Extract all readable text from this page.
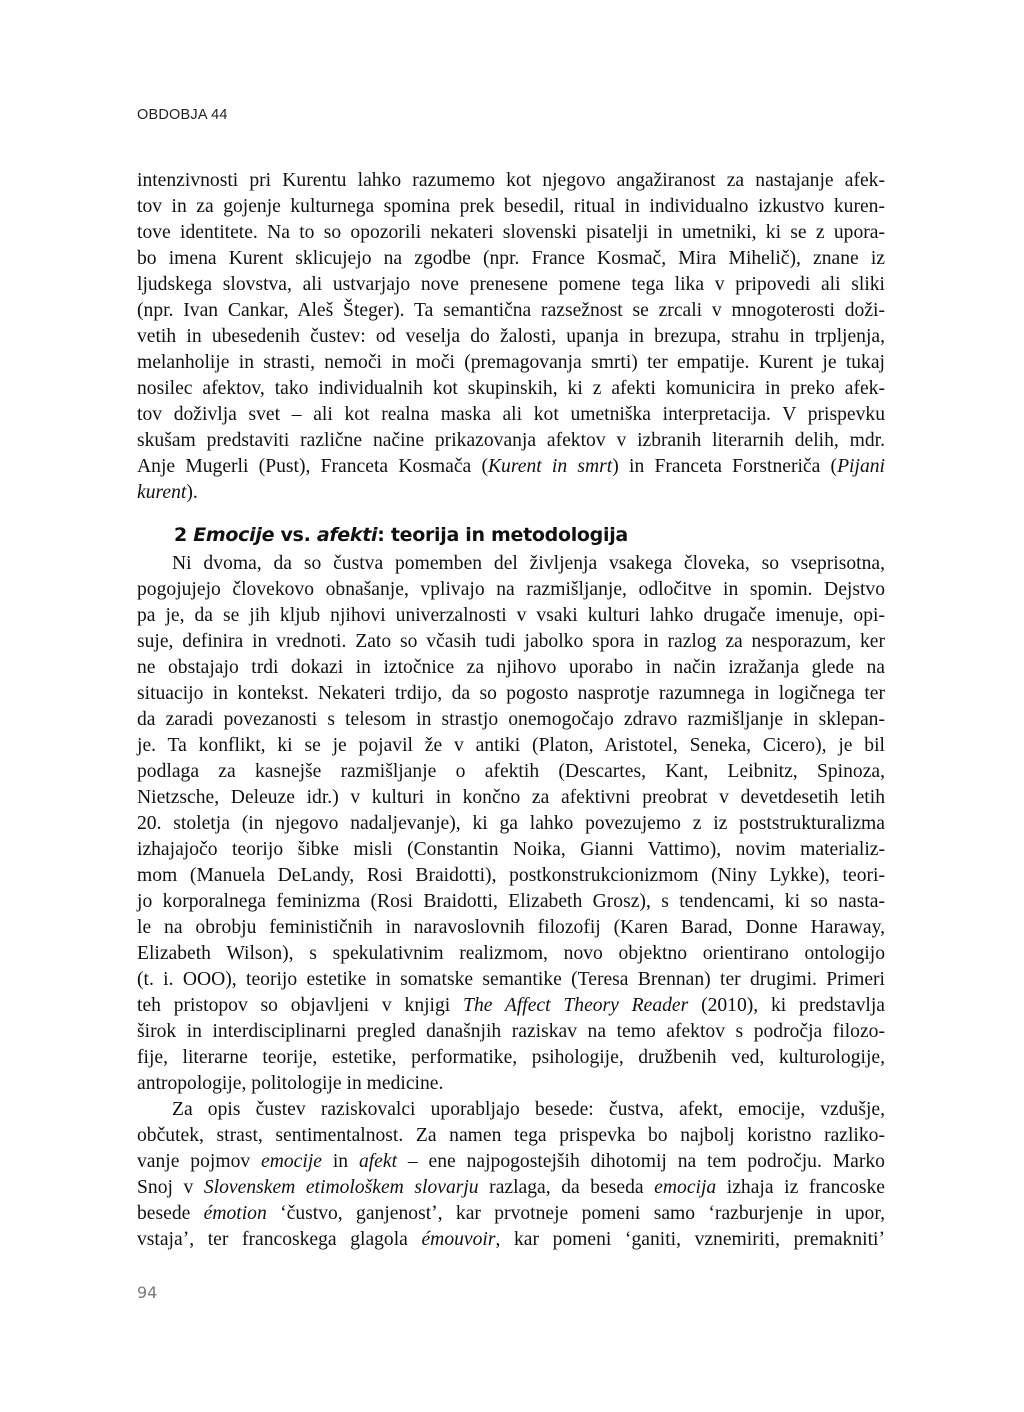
OBDOBJA 44
intenzivnosti pri Kurentu lahko razumemo kot njegovo angažiranost za nastajanje afek-
tov in za gojenje kulturnega spomina prek besedil, ritual in individualno izkustvo kuren-
tove identitete. Na to so opozorili nekateri slovenski pisatelji in umetniki, ki se z upora-
bo imena Kurent sklicujejo na zgodbe (npr. France Kosmač, Mira Mihelič), znane iz
ljudskega slovstva, ali ustvarjajo nove prenesene pomene tega lika v pripovedi ali sliki
(npr. Ivan Cankar, Aleš Šteger). Ta semantična razsežnost se zrcali v mnogoterosti doži-
vetih in ubesedenih čustev: od veselja do žalosti, upanja in brezupa, strahu in trpljenja,
melanholije in strasti, nemoči in moči (premagovanja smrti) ter empatije. Kurent je tukaj
nosilec afektov, tako individualnih kot skupinskih, ki z afekti komunicira in preko afek-
tov doživlja svet – ali kot realna maska ali kot umetniška interpretacija. V prispevku
skušam predstaviti različne načine prikazovanja afektov v izbranih literarnih delih, mdr.
Anje Mugerli (Pust), Franceta Kosmača (Kurent in smrt) in Franceta Forstneriča (Pijani
kurent).
2 Emocije vs. afekti: teorija in metodologija
Ni dvoma, da so čustva pomemben del življenja vsakega človeka, so vseprisotna,
pogojujejo človekovo obnašanje, vplivajo na razmišljanje, odločitve in spomin. Dejstvo
pa je, da se jih kljub njihovi univerzalnosti v vsaki kulturi lahko drugače imenuje, opi-
suje, definira in vrednoti. Zato so včasih tudi jabolko spora in razlog za nesporazum, ker
ne obstajajo trdi dokazi in iztočnice za njihovo uporabo in način izražanja glede na
situacijo in kontekst. Nekateri trdijo, da so pogosto nasprotje razumnega in logičnega ter
da zaradi povezanosti s telesom in strastjo onemogočajo zdravo razmišljanje in sklepan-
je. Ta konflikt, ki se je pojavil že v antiki (Platon, Aristotel, Seneka, Cicero), je bil
podlaga za kasnejše razmišljanje o afektih (Descartes, Kant, Leibnitz, Spinoza,
Nietzsche, Deleuze idr.) v kulturi in končno za afektivni preobrat v devetdesetih letih
20. stoletja (in njegovo nadaljevanje), ki ga lahko povezujemo z iz poststrukturalizma
izhajajočo teorijo šibke misli (Constantin Noika, Gianni Vattimo), novim materializ-
mom (Manuela DeLandy, Rosi Braidotti), postkonstrukcionizmom (Niny Lykke), teori-
jo korporalnega feminizma (Rosi Braidotti, Elizabeth Grosz), s tendencami, ki so nasta-
le na obrobju feminističnih in naravoslovnih filozofij (Karen Barad, Donne Haraway,
Elizabeth Wilson), s spekulativnim realizmom, novo objektno orientirano ontologijo
(t. i. OOO), teorijo estetike in somatske semantike (Teresa Brennan) ter drugimi. Primeri
teh pristopov so objavljeni v knjigi The Affect Theory Reader (2010), ki predstavlja
širok in interdisciplinarni pregled današnjih raziskav na temo afektov s področja filozo-
fije, literarne teorije, estetike, performatike, psihologije, družbenih ved, kulturologije,
antropologije, politologije in medicine.
Za opis čustev raziskovalci uporabljajo besede: čustva, afekt, emocije, vzdušje,
občutek, strast, sentimentalnost. Za namen tega prispevka bo najbolj koristno razliko-
vanje pojmov emocije in afekt – ene najpogostejših dihotomij na tem področju. Marko
Snoj v Slovenskem etimološkem slovarju razlaga, da beseda emocija izhaja iz francoske
besede émotion ʻčustvo, ganjenostʼ, kar prvotneje pomeni samo ʻrazburjenje in upor,
vstajaʼ, ter francoskega glagola émouvoir, kar pomeni ʻganiti, vznemiriti, premaknitiʼ
94
